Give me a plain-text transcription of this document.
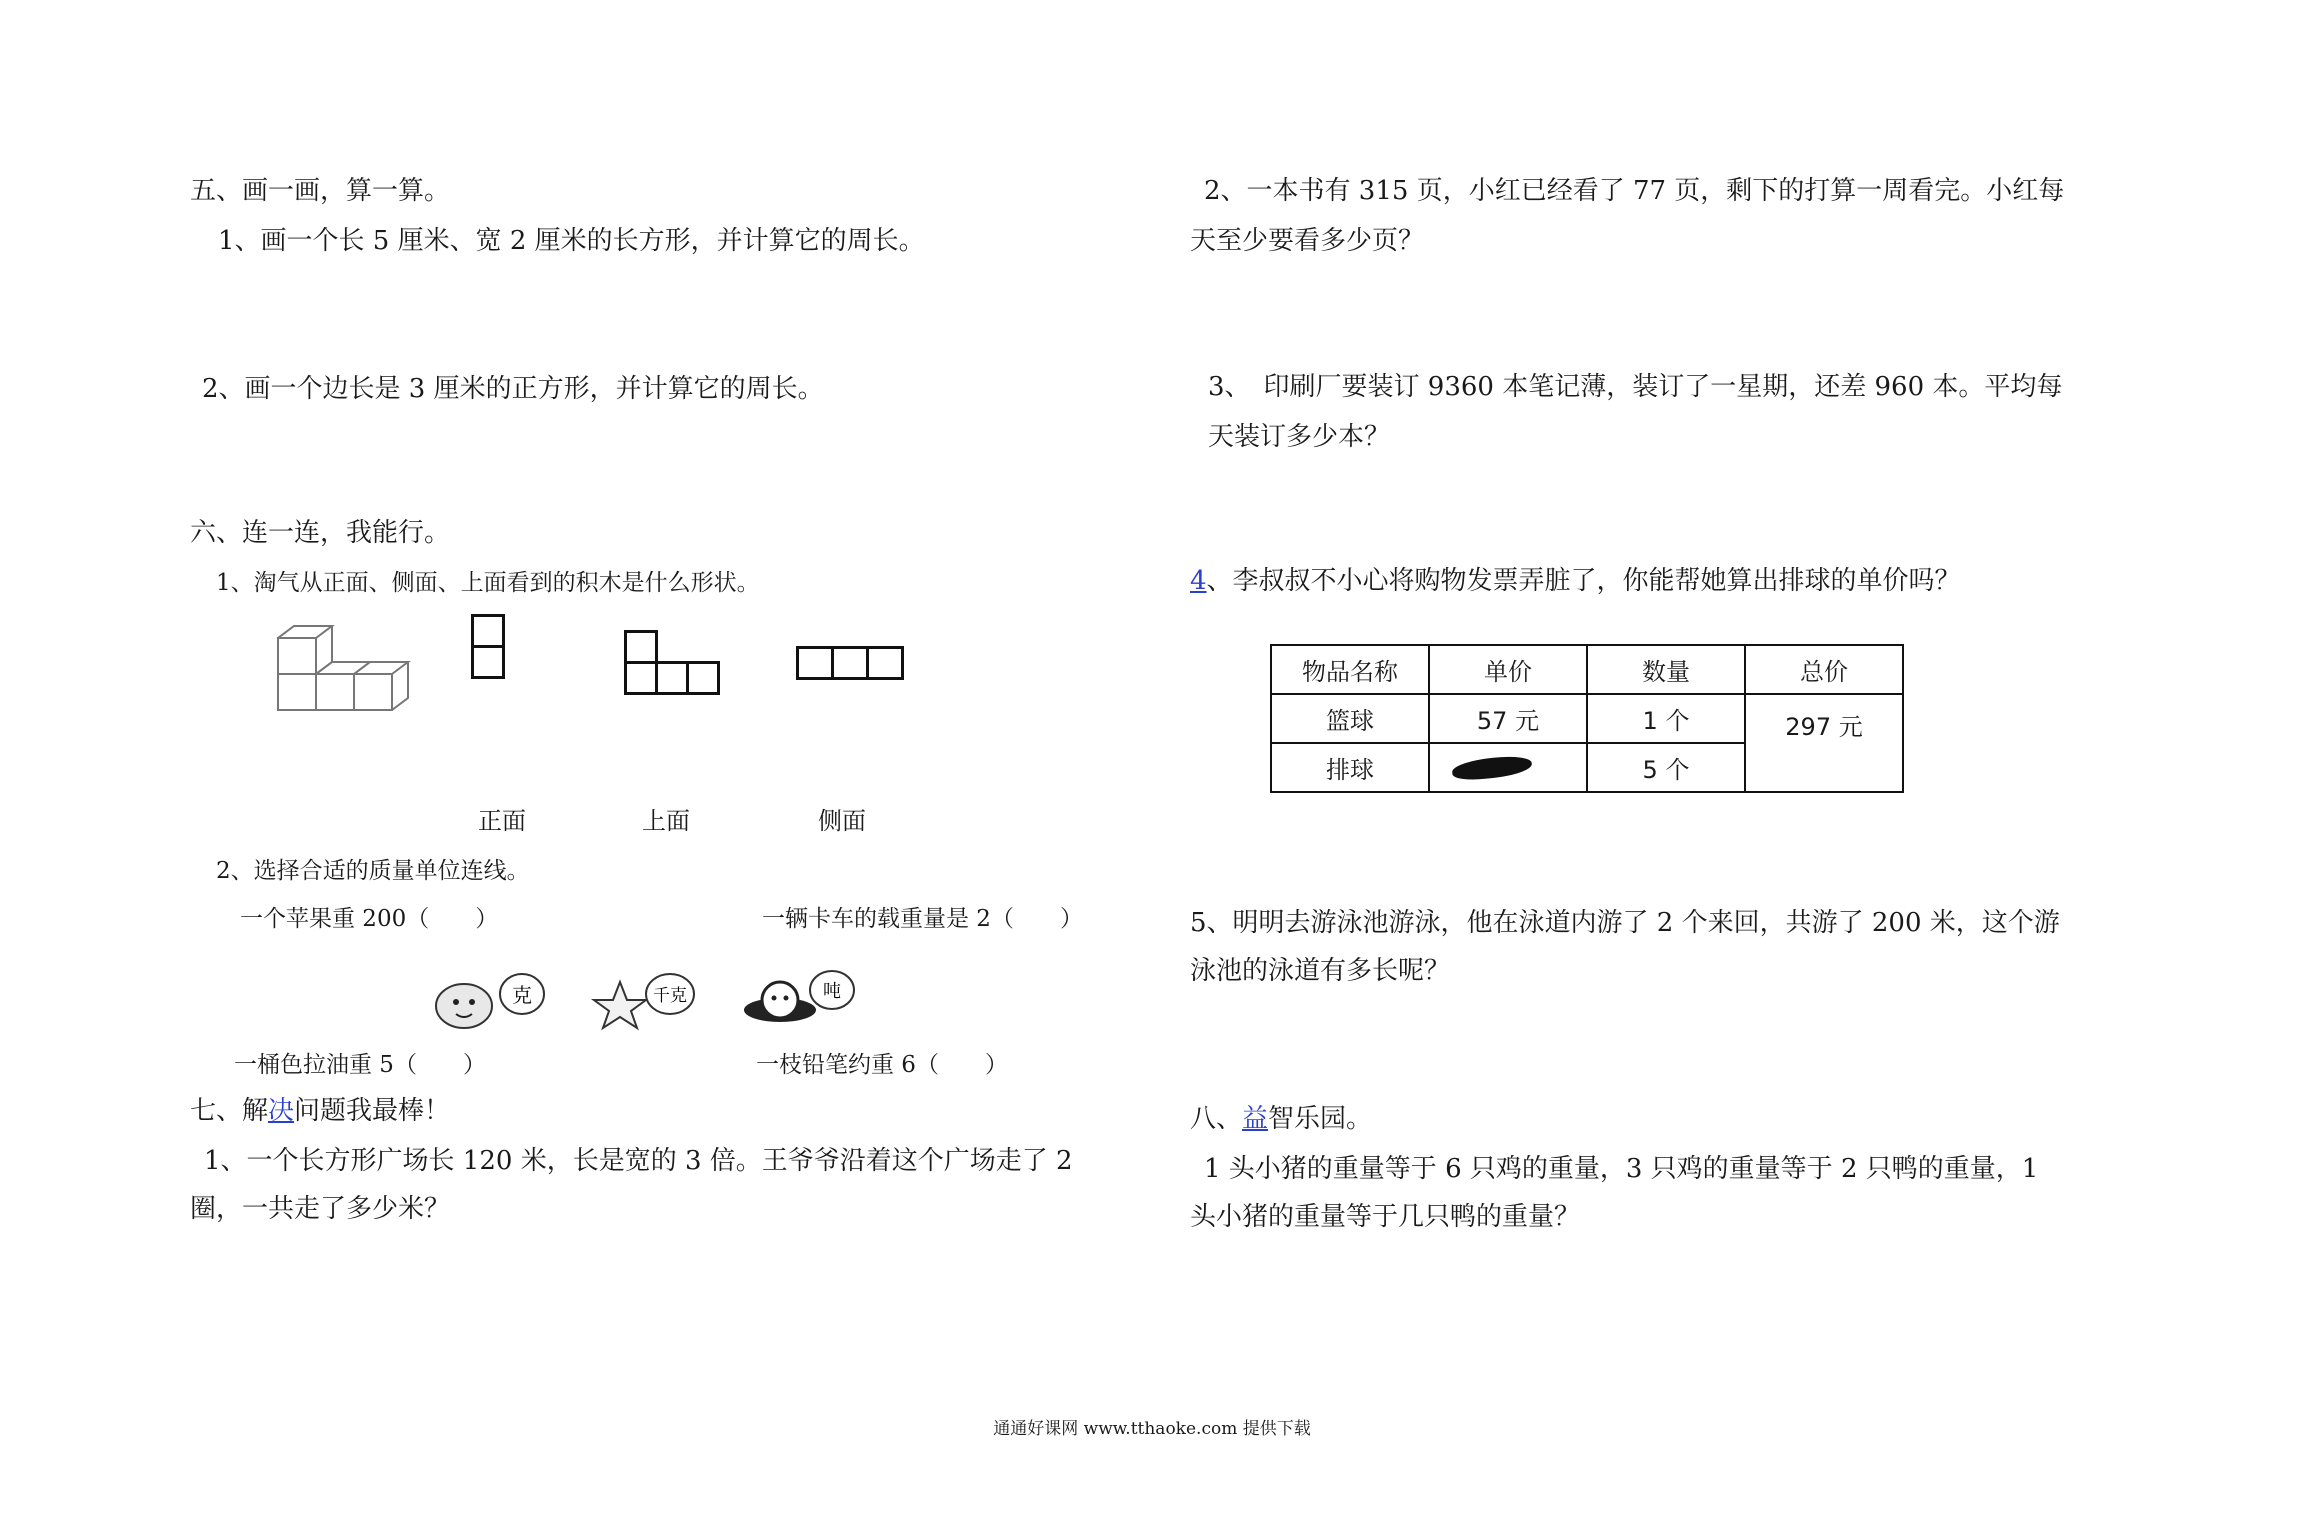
五、画一画，算一算。
1、画一个长 5 厘米、宽 2 厘米的长方形，并计算它的周长。
2、画一个边长是 3 厘米的正方形，并计算它的周长。
六、连一连，我能行。
1、淘气从正面、侧面、上面看到的积木是什么形状。
正面	上面	侧面
2、选择合适的质量单位连线。
一个苹果重 200（　　）	一辆卡车的载重量是 2（　　）
克	千克	吨
一桶色拉油重 5（　　）	一枝铅笔约重 6（　　）
七、解决问题我最棒！
1、一个长方形广场长 120 米，长是宽的 3 倍。王爷爷沿着这个广场走了 2
圈，一共走了多少米？
2、一本书有 315 页，小红已经看了 77 页，剩下的打算一周看完。小红每
天至少要看多少页？
3、　印刷厂要装订 9360 本笔记薄，装订了一星期，还差 960 本。平均每
天装订多少本？
4、李叔叔不小心将购物发票弄脏了，你能帮她算出排球的单价吗？
物品名称	单价	数量	总价
篮球	57 元	1 个	297 元
排球		5 个	
5、明明去游泳池游泳，他在泳道内游了 2 个来回，共游了 200 米，这个游
泳池的泳道有多长呢？
八、益智乐园。
1 头小猪的重量等于 6 只鸡的重量，3 只鸡的重量等于 2 只鸭的重量，1
头小猪的重量等于几只鸭的重量？
通通好课网 www.tthaoke.com 提供下载
